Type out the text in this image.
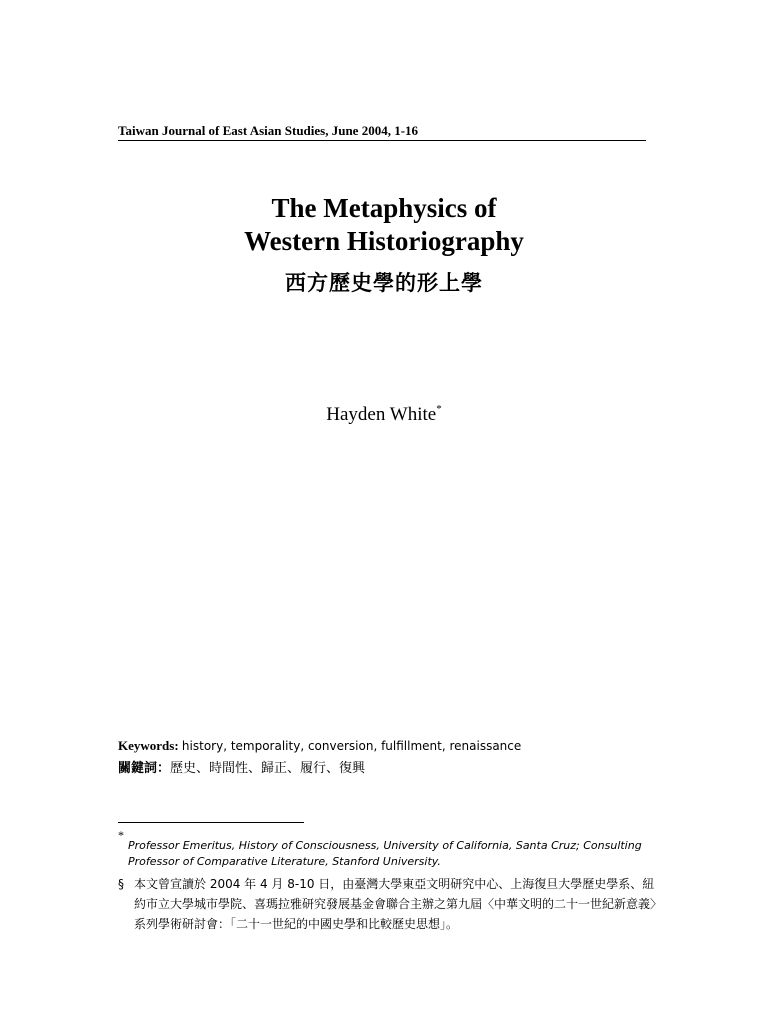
Taiwan Journal of East Asian Studies, June 2004, 1-16
The Metaphysics of
Western Historiography
西方歷史學的形上學
Hayden White*
Keywords: history, temporality, conversion, fulfillment, renaissance
關鍵詞：歷史、時間性、歸正、履行、復興
*
Professor Emeritus, History of Consciousness, University of California, Santa Cruz; Consulting Professor of Comparative Literature, Stanford University.
§ 本文曾宣讀於 2004 年 4 月 8-10 日，由臺灣大學東亞文明研究中心、上海復旦大學歷史學系、紐約市立大學城市學院、喜瑪拉雅研究發展基金會聯合主辦之第九屆〈中華文明的二十一世紀新意義〉系列學術研討會：「二十一世紀的中國史學和比較歷史思想」。
